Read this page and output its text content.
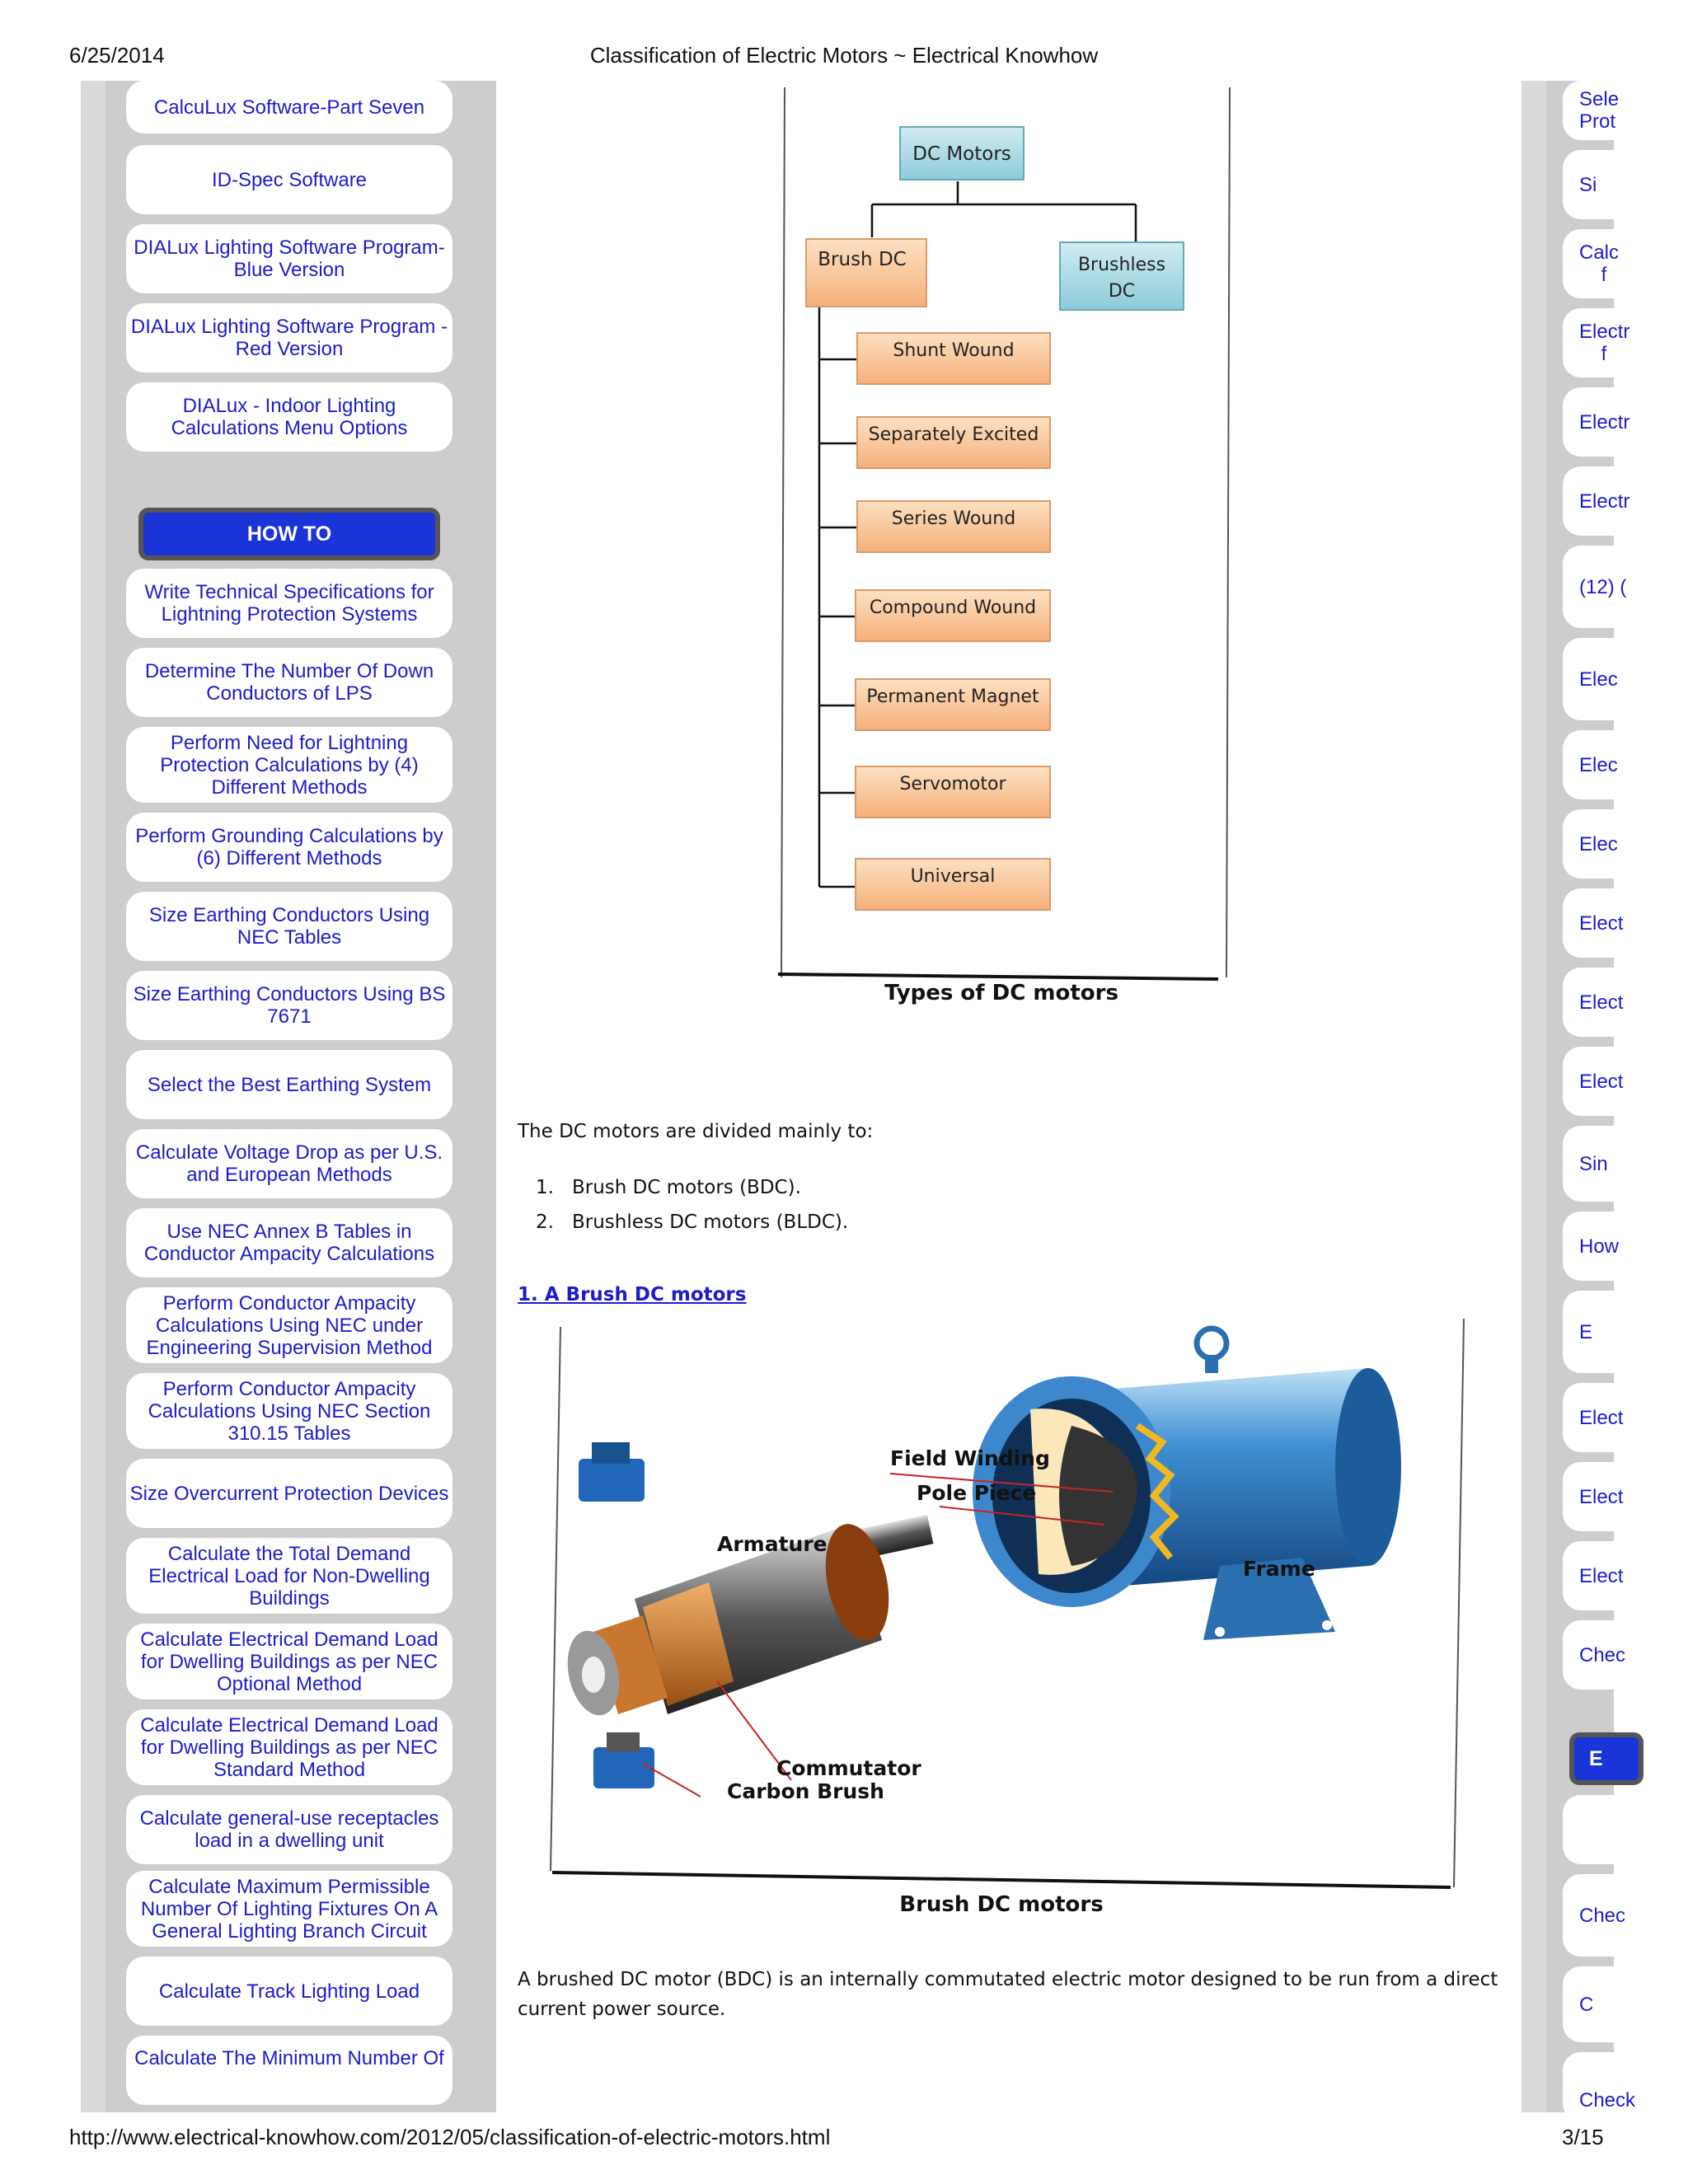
6/25/2014	Classification of Electric Motors ~ Electrical Knowhow
CalcuLux Software-Part Seven
ID-Spec Software
DIALux Lighting Software Program- Blue Version
DIALux Lighting Software Program - Red Version
DIALux - Indoor Lighting Calculations Menu Options
HOW TO
Write Technical Specifications for Lightning Protection Systems
Determine The Number Of Down Conductors of LPS
Perform Need for Lightning Protection Calculations by (4) Different Methods
Perform Grounding Calculations by (6) Different Methods
Size Earthing Conductors Using NEC Tables
Size Earthing Conductors Using BS 7671
Select the Best Earthing System
Calculate Voltage Drop as per U.S. and European Methods
Use NEC Annex B Tables in Conductor Ampacity Calculations
Perform Conductor Ampacity Calculations Using NEC under Engineering Supervision Method
Perform Conductor Ampacity Calculations Using NEC Section 310.15 Tables
Size Overcurrent Protection Devices
Calculate the Total Demand Electrical Load for Non-Dwelling Buildings
Calculate Electrical Demand Load for Dwelling Buildings as per NEC Optional Method
Calculate Electrical Demand Load for Dwelling Buildings as per NEC Standard Method
Calculate general-use receptacles load in a dwelling unit
Calculate Maximum Permissible Number Of Lighting Fixtures On A General Lighting Branch Circuit
Calculate Track Lighting Load
Calculate The Minimum Number Of
Sele
Prot
Si
Calc
f
Electr
f
Electr
Electr
(12) (
Elec
Elec
Elec
Elect
Elect
Elect
Sin
How
E
Elect
Elect
Elect
Chec
E
Chec
C
Check
DC Motors
Brush DC	Brushless
DC
Shunt Wound
Separately Excited
Series Wound
Compound Wound
Permanent Magnet
Servomotor
Universal
Types of DC motors
The DC motors are divided mainly to:
1. Brush DC motors (BDC).
2. Brushless DC motors (BLDC).
1. A Brush DC motors
Field Winding
Pole Piece
Armature
Frame
Commutator
Carbon Brush
Brush DC motors
A brushed DC motor (BDC) is an internally commutated electric motor designed to be run from a direct
current power source.
http://www.electrical-knowhow.com/2012/05/classification-of-electric-motors.html	3/15
